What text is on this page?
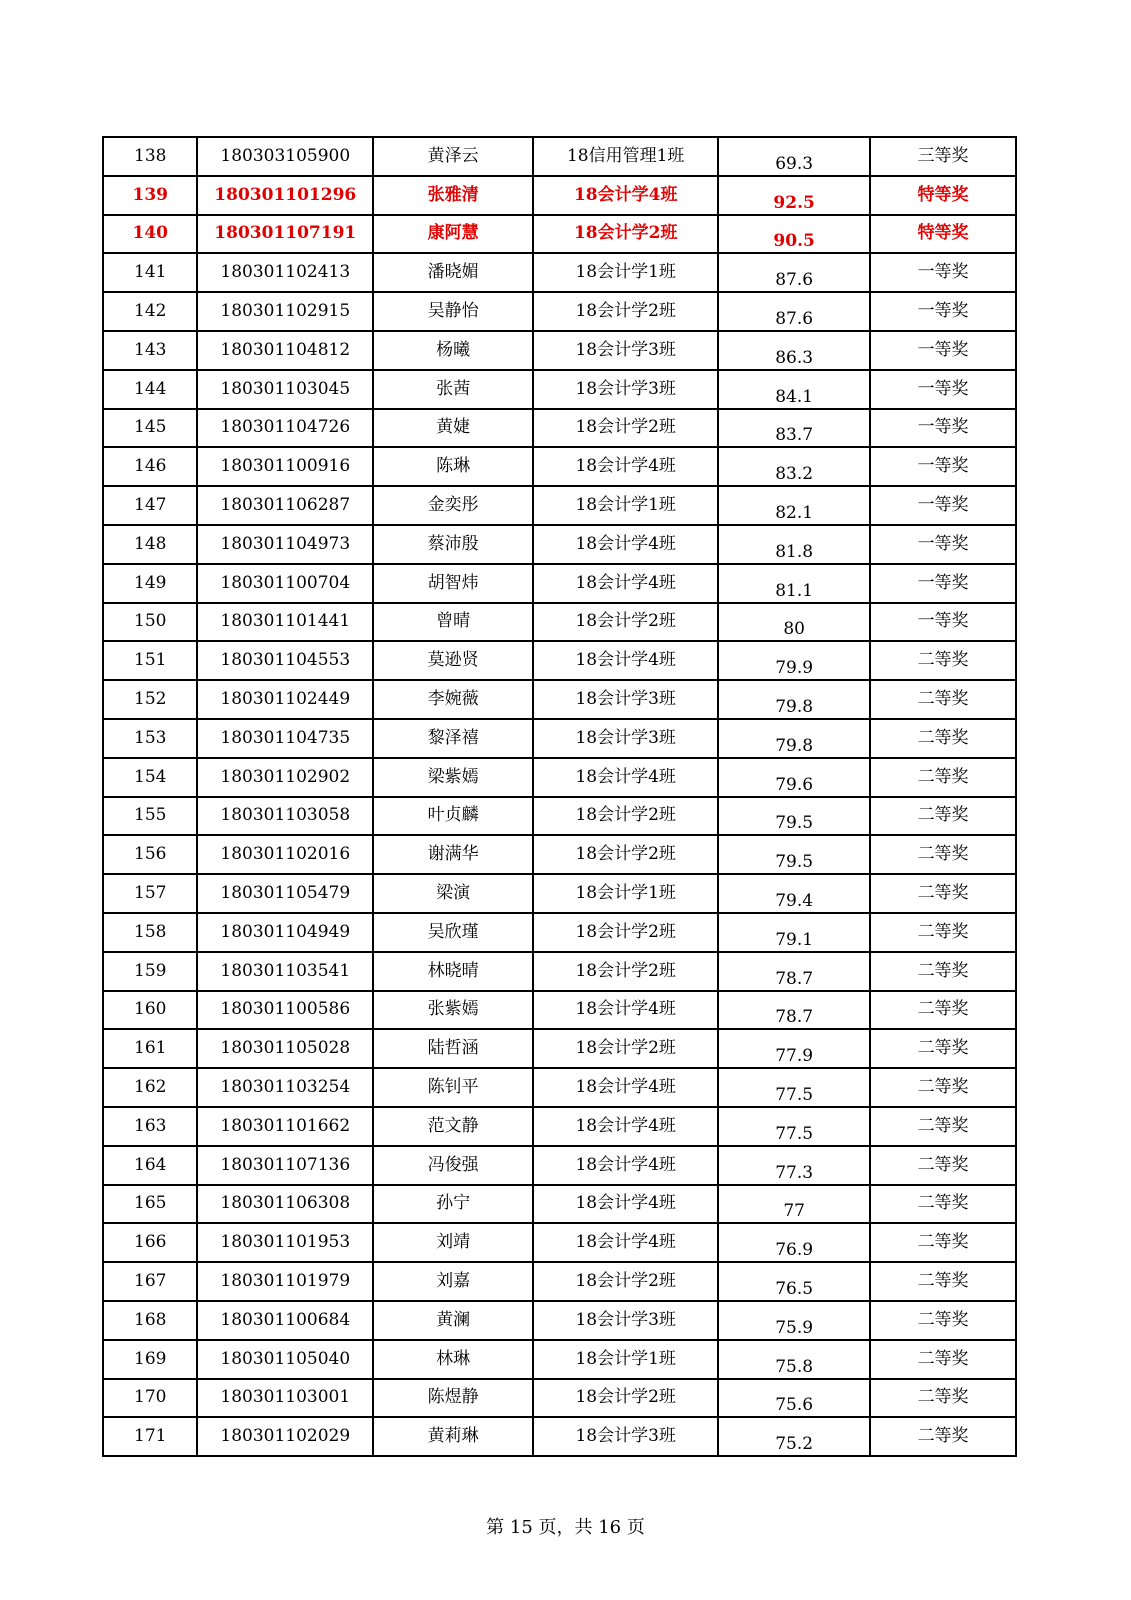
138	180303105900	黄泽云	18信用管理1班	69.3	三等奖
139	180301101296	张雅清	18会计学4班	92.5	特等奖
140	180301107191	康阿慧	18会计学2班	90.5	特等奖
141	180301102413	潘晓媚	18会计学1班	87.6	一等奖
142	180301102915	吴静怡	18会计学2班	87.6	一等奖
143	180301104812	杨曦	18会计学3班	86.3	一等奖
144	180301103045	张茜	18会计学3班	84.1	一等奖
145	180301104726	黄婕	18会计学2班	83.7	一等奖
146	180301100916	陈琳	18会计学4班	83.2	一等奖
147	180301106287	金奕彤	18会计学1班	82.1	一等奖
148	180301104973	蔡沛殷	18会计学4班	81.8	一等奖
149	180301100704	胡智炜	18会计学4班	81.1	一等奖
150	180301101441	曾晴	18会计学2班	80	一等奖
151	180301104553	莫逊贤	18会计学4班	79.9	二等奖
152	180301102449	李婉薇	18会计学3班	79.8	二等奖
153	180301104735	黎泽禧	18会计学3班	79.8	二等奖
154	180301102902	梁紫嫣	18会计学4班	79.6	二等奖
155	180301103058	叶贞麟	18会计学2班	79.5	二等奖
156	180301102016	谢满华	18会计学2班	79.5	二等奖
157	180301105479	梁演	18会计学1班	79.4	二等奖
158	180301104949	吴欣瑾	18会计学2班	79.1	二等奖
159	180301103541	林晓晴	18会计学2班	78.7	二等奖
160	180301100586	张紫嫣	18会计学4班	78.7	二等奖
161	180301105028	陆哲涵	18会计学2班	77.9	二等奖
162	180301103254	陈钊平	18会计学4班	77.5	二等奖
163	180301101662	范文静	18会计学4班	77.5	二等奖
164	180301107136	冯俊强	18会计学4班	77.3	二等奖
165	180301106308	孙宁	18会计学4班	77	二等奖
166	180301101953	刘靖	18会计学4班	76.9	二等奖
167	180301101979	刘嘉	18会计学2班	76.5	二等奖
168	180301100684	黄澜	18会计学3班	75.9	二等奖
169	180301105040	林琳	18会计学1班	75.8	二等奖
170	180301103001	陈煜静	18会计学2班	75.6	二等奖
171	180301102029	黄莉琳	18会计学3班	75.2	二等奖
第 15 页，共 16 页
